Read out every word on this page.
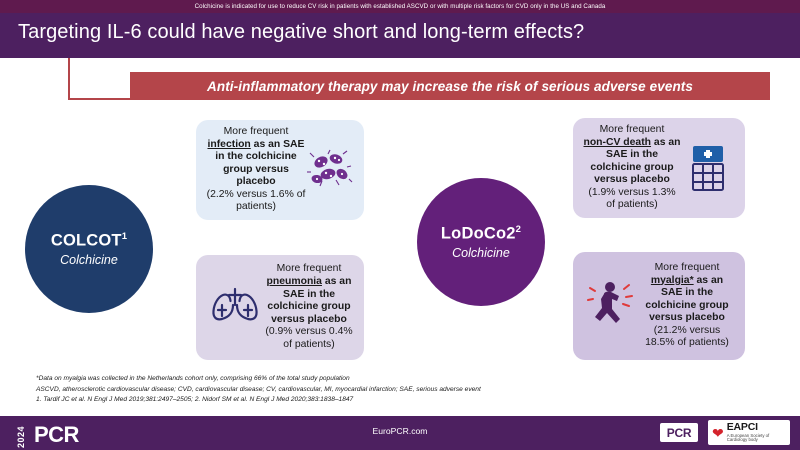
Colchicine is indicated for use to reduce CV risk in patients with established ASCVD or with multiple risk factors for CVD only in the US and Canada
Targeting IL-6 could have negative short and long-term effects?
Anti-inflammatory therapy may increase the risk of serious adverse events
COLCOT$^1$
Colchicine
$LoDoCo2^2$
Colchicine
More frequent
infection as an SAE in the colchicine group versus placebo
(2.2% versus 1.6% of patients)
More frequent
pneumonia as an SAE in the colchicine group versus placebo
(0.9% versus 0.4% of patients)
More frequent
non-CV death as an SAE in the colchicine group versus placebo
(1.9% versus 1.3% of patients)
More frequent
myalgia* as an SAE in the colchicine group versus placebo
(21.2% versus 18.5% of patients)
*Data on myalgia was collected in the Netherlands cohort only, comprising 66% of the total study population
ASCVD, atherosclerotic cardiovascular disease; CVD, cardiovascular disease; CV, cardiovascular, MI, myocardial infarction; SAE, serious adverse event
1. Tardif JC et al. N Engl J Med 2019;381:2497–2505; 2. Nidorf SM et al. N Engl J Med 2020;383:1838–1847
2024 PCR	EuroPCR.com	PCR	❤ EAPCI
A European Society of Cardiology body
